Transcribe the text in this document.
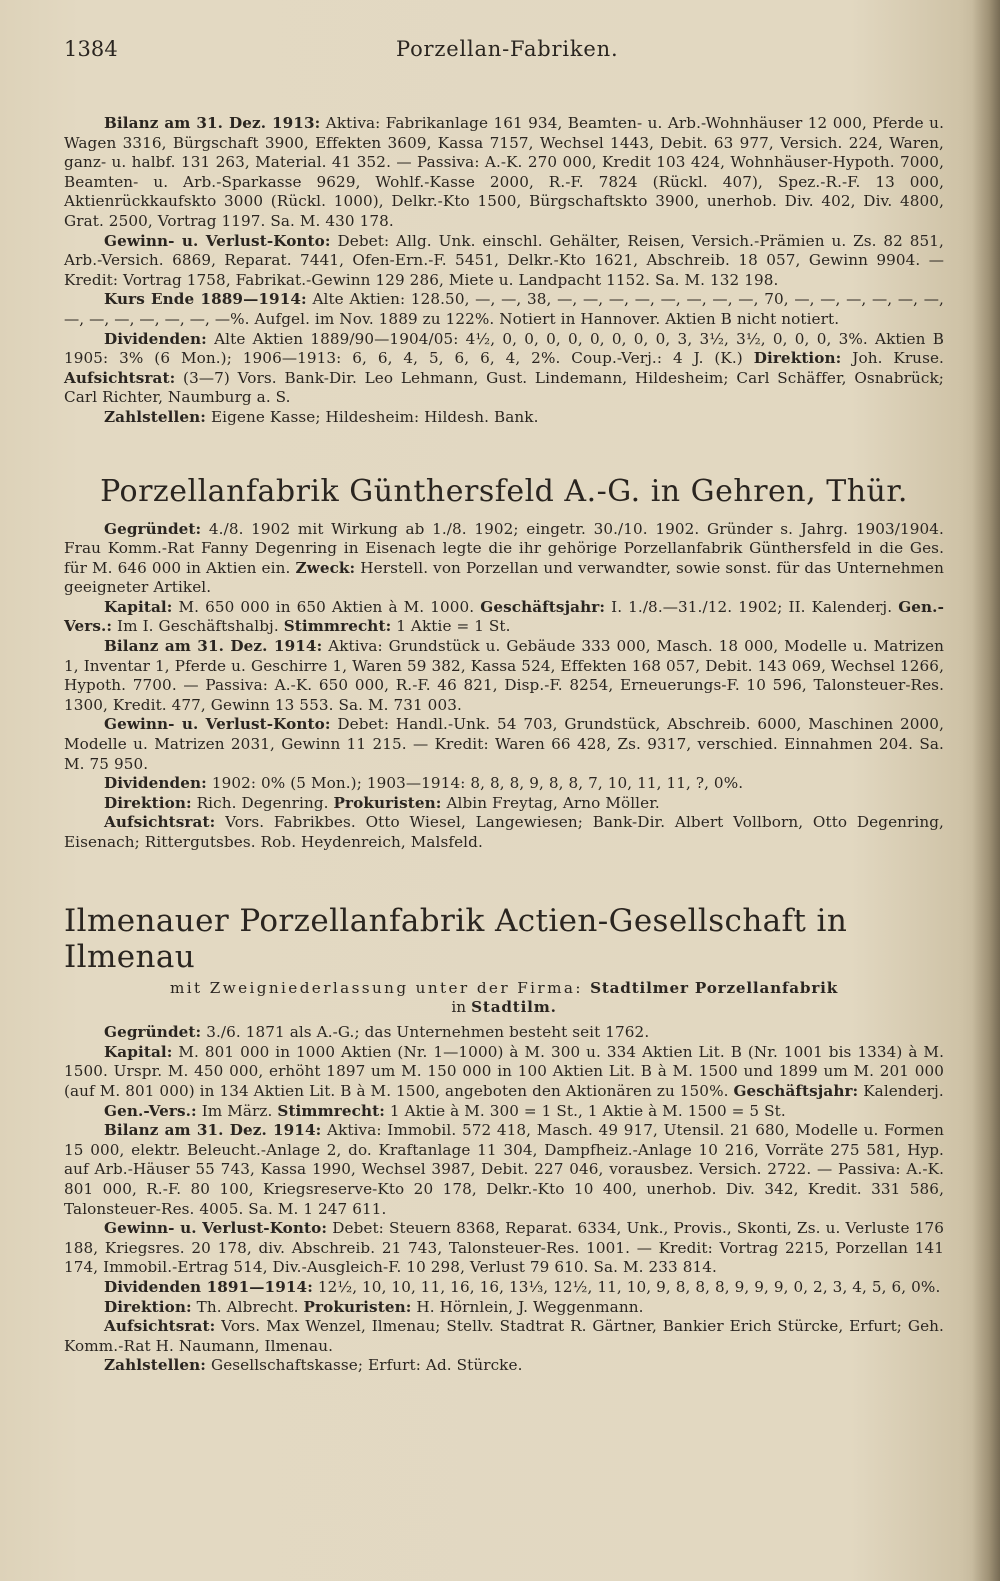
1384	Porzellan-Fabriken.

Bilanz am 31. Dez. 1913: Aktiva: Fabrikanlage 161 934, Beamten- u. Arb.-Wohnhäuser 12 000, Pferde u. Wagen 3316, Bürgschaft 3900, Effekten 3609, Kassa 7157, Wechsel 1443, Debit. 63 977, Versich. 224, Waren, ganz- u. halbf. 131 263, Material. 41 352. — Passiva: A.-K. 270 000, Kredit 103 424, Wohnhäuser-Hypoth. 7000, Beamten- u. Arb.-Sparkasse 9629, Wohlf.-Kasse 2000, R.-F. 7824 (Rückl. 407), Spez.-R.-F. 13 000, Aktienrückkaufskto 3000 (Rückl. 1000), Delkr.-Kto 1500, Bürgschaftskto 3900, unerhob. Div. 402, Div. 4800, Grat. 2500, Vortrag 1197. Sa. M. 430 178.

Gewinn- u. Verlust-Konto: Debet: Allg. Unk. einschl. Gehälter, Reisen, Versich.-Prämien u. Zs. 82 851, Arb.-Versich. 6869, Reparat. 7441, Ofen-Ern.-F. 5451, Delkr.-Kto 1621, Abschreib. 18 057, Gewinn 9904. — Kredit: Vortrag 1758, Fabrikat.-Gewinn 129 286, Miete u. Landpacht 1152. Sa. M. 132 198.

Kurs Ende 1889—1914: Alte Aktien: 128.50, —, —, 38, —, —, —, —, —, —, —, —, 70, —, —, —, —, —, —, —, —, —, —, —, —, —%. Aufgel. im Nov. 1889 zu 122%. Notiert in Hannover. Aktien B nicht notiert.

Dividenden: Alte Aktien 1889/90—1904/05: 4½, 0, 0, 0, 0, 0, 0, 0, 0, 3, 3½, 3½, 0, 0, 0, 3%. Aktien B 1905: 3% (6 Mon.); 1906—1913: 6, 6, 4, 5, 6, 6, 4, 2%. Coup.-Verj.: 4 J. (K.) Direktion: Joh. Kruse. Aufsichtsrat: (3—7) Vors. Bank-Dir. Leo Lehmann, Gust. Lindemann, Hildesheim; Carl Schäffer, Osnabrück; Carl Richter, Naumburg a. S.

Zahlstellen: Eigene Kasse; Hildesheim: Hildesh. Bank.

Porzellanfabrik Günthersfeld A.-G. in Gehren, Thür.

Gegründet: 4./8. 1902 mit Wirkung ab 1./8. 1902; eingetr. 30./10. 1902. Gründer s. Jahrg. 1903/1904. Frau Komm.-Rat Fanny Degenring in Eisenach legte die ihr gehörige Porzellanfabrik Günthersfeld in die Ges. für M. 646 000 in Aktien ein. Zweck: Herstell. von Porzellan und verwandter, sowie sonst. für das Unternehmen geeigneter Artikel.

Kapital: M. 650 000 in 650 Aktien à M. 1000. Geschäftsjahr: I. 1./8.—31./12. 1902; II. Kalenderj. Gen.-Vers.: Im I. Geschäftshalbj. Stimmrecht: 1 Aktie = 1 St.

Bilanz am 31. Dez. 1914: Aktiva: Grundstück u. Gebäude 333 000, Masch. 18 000, Modelle u. Matrizen 1, Inventar 1, Pferde u. Geschirre 1, Waren 59 382, Kassa 524, Effekten 168 057, Debit. 143 069, Wechsel 1266, Hypoth. 7700. — Passiva: A.-K. 650 000, R.-F. 46 821, Disp.-F. 8254, Erneuerungs-F. 10 596, Talonsteuer-Res. 1300, Kredit. 477, Gewinn 13 553. Sa. M. 731 003.

Gewinn- u. Verlust-Konto: Debet: Handl.-Unk. 54 703, Grundstück, Abschreib. 6000, Maschinen 2000, Modelle u. Matrizen 2031, Gewinn 11 215. — Kredit: Waren 66 428, Zs. 9317, verschied. Einnahmen 204. Sa. M. 75 950.

Dividenden: 1902: 0% (5 Mon.); 1903—1914: 8, 8, 8, 9, 8, 8, 7, 10, 11, 11, ?, 0%.

Direktion: Rich. Degenring. Prokuristen: Albin Freytag, Arno Möller.

Aufsichtsrat: Vors. Fabrikbes. Otto Wiesel, Langewiesen; Bank-Dir. Albert Vollborn, Otto Degenring, Eisenach; Rittergutsbes. Rob. Heydenreich, Malsfeld.

Ilmenauer Porzellanfabrik Actien-Gesellschaft in Ilmenau
mit Zweigniederlassung unter der Firma: Stadtilmer Porzellanfabrik
in Stadtilm.

Gegründet: 3./6. 1871 als A.-G.; das Unternehmen besteht seit 1762.

Kapital: M. 801 000 in 1000 Aktien (Nr. 1—1000) à M. 300 u. 334 Aktien Lit. B (Nr. 1001 bis 1334) à M. 1500. Urspr. M. 450 000, erhöht 1897 um M. 150 000 in 100 Aktien Lit. B à M. 1500 und 1899 um M. 201 000 (auf M. 801 000) in 134 Aktien Lit. B à M. 1500, angeboten den Aktionären zu 150%. Geschäftsjahr: Kalenderj.

Gen.-Vers.: Im März. Stimmrecht: 1 Aktie à M. 300 = 1 St., 1 Aktie à M. 1500 = 5 St.

Bilanz am 31. Dez. 1914: Aktiva: Immobil. 572 418, Masch. 49 917, Utensil. 21 680, Modelle u. Formen 15 000, elektr. Beleucht.-Anlage 2, do. Kraftanlage 11 304, Dampfheiz.-Anlage 10 216, Vorräte 275 581, Hyp. auf Arb.-Häuser 55 743, Kassa 1990, Wechsel 3987, Debit. 227 046, vorausbez. Versich. 2722. — Passiva: A.-K. 801 000, R.-F. 80 100, Kriegsreserve-Kto 20 178, Delkr.-Kto 10 400, unerhob. Div. 342, Kredit. 331 586, Talonsteuer-Res. 4005. Sa. M. 1 247 611.

Gewinn- u. Verlust-Konto: Debet: Steuern 8368, Reparat. 6334, Unk., Provis., Skonti, Zs. u. Verluste 176 188, Kriegsres. 20 178, div. Abschreib. 21 743, Talonsteuer-Res. 1001. — Kredit: Vortrag 2215, Porzellan 141 174, Immobil.-Ertrag 514, Div.-Ausgleich-F. 10 298, Verlust 79 610. Sa. M. 233 814.

Dividenden 1891—1914: 12½, 10, 10, 11, 16, 16, 13⅓, 12½, 11, 10, 9, 8, 8, 8, 9, 9, 9, 0, 2, 3, 4, 5, 6, 0%.

Direktion: Th. Albrecht. Prokuristen: H. Hörnlein, J. Weggenmann.

Aufsichtsrat: Vors. Max Wenzel, Ilmenau; Stellv. Stadtrat R. Gärtner, Bankier Erich Stürcke, Erfurt; Geh. Komm.-Rat H. Naumann, Ilmenau.

Zahlstellen: Gesellschaftskasse; Erfurt: Ad. Stürcke.
